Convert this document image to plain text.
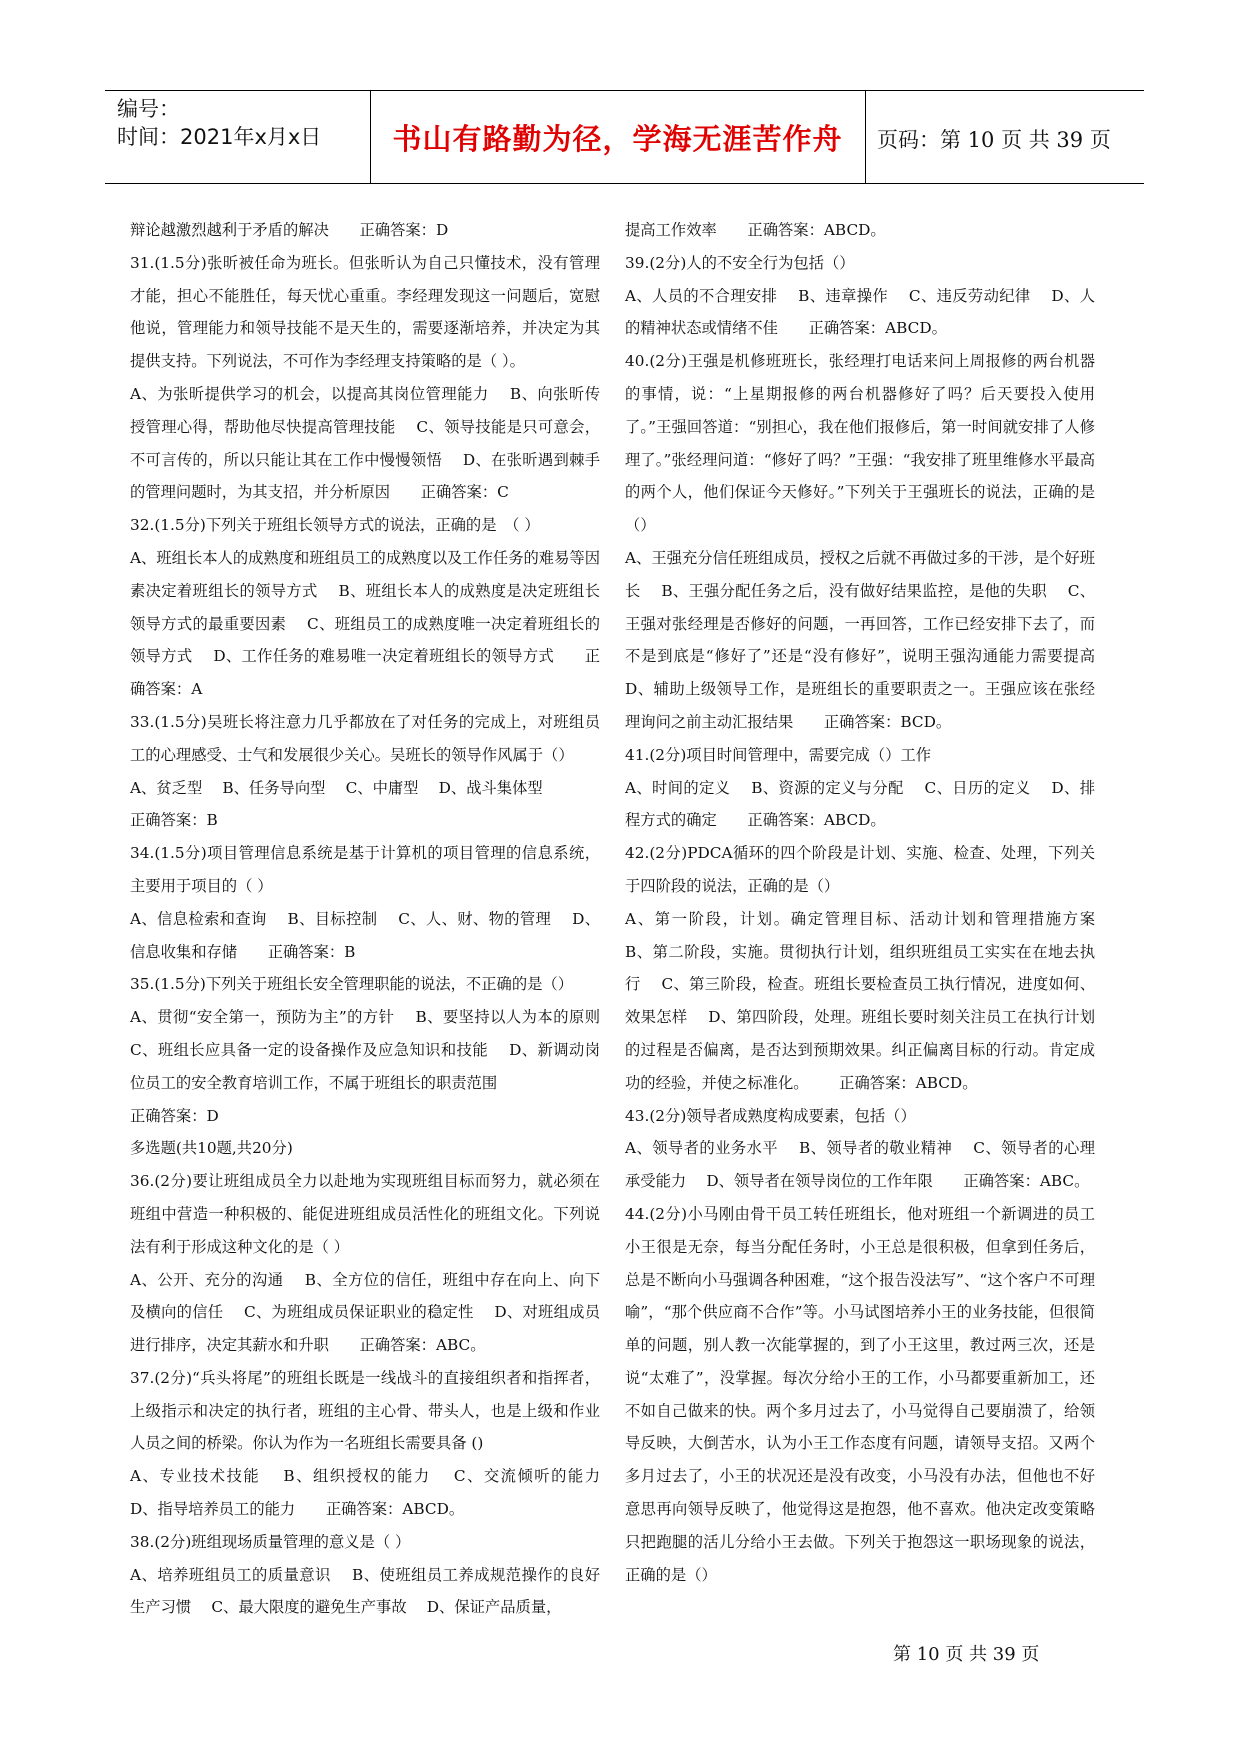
编号：
时间：2021年x月x日	书山有路勤为径，学海无涯苦作舟	页码：第 10 页 共 39 页

辩论越激烈越利于矛盾的解决 正确答案：D

31.(1.5分)张昕被任命为班长。但张昕认为自己只懂技术，没有管理才能，担心不能胜任，每天忧心重重。李经理发现这一问题后，宽慰他说，管理能力和领导技能不是天生的，需要逐渐培养，并决定为其提供支持。下列说法，不可作为李经理支持策略的是（ ）。

A、为张昕提供学习的机会，以提高其岗位管理能力　 B、向张昕传授管理心得，帮助他尽快提高管理技能　 C、领导技能是只可意会，不可言传的，所以只能让其在工作中慢慢领悟　 D、在张昕遇到棘手的管理问题时，为其支招，并分析原因 正确答案：C

32.(1.5分)下列关于班组长领导方式的说法，正确的是　（ ）

A、班组长本人的成熟度和班组员工的成熟度以及工作任务的难易等因素决定着班组长的领导方式　 B、班组长本人的成熟度是决定班组长领导方式的最重要因素　 C、班组员工的成熟度唯一决定着班组长的领导方式　 D、工作任务的难易唯一决定着班组长的领导方式 正确答案：A

33.(1.5分)吴班长将注意力几乎都放在了对任务的完成上，对班组员工的心理感受、士气和发展很少关心。吴班长的领导作风属于（）

A、贫乏型　 B、任务导向型　 C、中庸型　 D、战斗集体型

正确答案：B

34.(1.5分)项目管理信息系统是基于计算机的项目管理的信息系统，主要用于项目的（ ）

A、信息检索和查询　 B、目标控制　 C、人、财、物的管理　 D、信息收集和存储 正确答案：B

35.(1.5分)下列关于班组长安全管理职能的说法，不正确的是（）

A、贯彻“安全第一，预防为主”的方针　 B、要坚持以人为本的原则　 C、班组长应具备一定的设备操作及应急知识和技能　 D、新调动岗位员工的安全教育培训工作，不属于班组长的职责范围

正确答案：D

多选题(共10题,共20分)

36.(2分)要让班组成员全力以赴地为实现班组目标而努力，就必须在班组中营造一种积极的、能促进班组成员活性化的班组文化。下列说法有利于形成这种文化的是（ ）

A、公开、充分的沟通　 B、全方位的信任，班组中存在向上、向下及横向的信任　 C、为班组成员保证职业的稳定性　 D、对班组成员进行排序，决定其薪水和升职 正确答案：ABC。

37.(2分)“兵头将尾”的班组长既是一线战斗的直接组织者和指挥者，上级指示和决定的执行者，班组的主心骨、带头人，也是上级和作业人员之间的桥梁。你认为作为一名班组长需要具备 ()

A、专业技术技能　 B、组织授权的能力　 C、交流倾听的能力　 D、指导培养员工的能力 正确答案：ABCD。

38.(2分)班组现场质量管理的意义是（ ）

A、培养班组员工的质量意识　 B、使班组员工养成规范操作的良好生产习惯　 C、最大限度的避免生产事故　 D、保证产品质量，

提高工作效率 正确答案：ABCD。

39.(2分)人的不安全行为包括（）

A、人员的不合理安排　 B、违章操作　 C、违反劳动纪律　 D、人的精神状态或情绪不佳 正确答案：ABCD。

40.(2分)王强是机修班班长，张经理打电话来问上周报修的两台机器的事情，说：“上星期报修的两台机器修好了吗？后天要投入使用了。”王强回答道：“别担心，我在他们报修后，第一时间就安排了人修理了。”张经理问道：“修好了吗？”王强：“我安排了班里维修水平最高的两个人，他们保证今天修好。”下列关于王强班长的说法，正确的是（）

A、王强充分信任班组成员，授权之后就不再做过多的干涉，是个好班长　 B、王强分配任务之后，没有做好结果监控，是他的失职　 C、王强对张经理是否修好的问题，一再回答，工作已经安排下去了，而不是到底是“修好了”还是“没有修好”，说明王强沟通能力需要提高　 D、辅助上级领导工作，是班组长的重要职责之一。王强应该在张经理询问之前主动汇报结果 正确答案：BCD。

41.(2分)项目时间管理中，需要完成（）工作

A、时间的定义　 B、资源的定义与分配　 C、日历的定义　 D、排程方式的确定 正确答案：ABCD。

42.(2分)PDCA循环的四个阶段是计划、实施、检查、处理，下列关于四阶段的说法，正确的是（）

A、第一阶段，计划。确定管理目标、活动计划和管理措施方案　 B、第二阶段，实施。贯彻执行计划，组织班组员工实实在在地去执行　 C、第三阶段，检查。班组长要检查员工执行情况，进度如何、效果怎样　 D、第四阶段，处理。班组长要时刻关注员工在执行计划的过程是否偏离，是否达到预期效果。纠正偏离目标的行动。肯定成功的经验，并使之标准化。 正确答案：ABCD。

43.(2分)领导者成熟度构成要素，包括（）

A、领导者的业务水平　 B、领导者的敬业精神　 C、领导者的心理承受能力　 D、领导者在领导岗位的工作年限 正确答案：ABC。

44.(2分)小马刚由骨干员工转任班组长，他对班组一个新调进的员工小王很是无奈，每当分配任务时，小王总是很积极，但拿到任务后，总是不断向小马强调各种困难，“这个报告没法写”、“这个客户不可理喻”，“那个供应商不合作”等。小马试图培养小王的业务技能，但很简单的问题，别人教一次能掌握的，到了小王这里，教过两三次，还是说“太难了”，没掌握。每次分给小王的工作，小马都要重新加工，还不如自己做来的快。两个多月过去了，小马觉得自己要崩溃了，给领导反映，大倒苦水，认为小王工作态度有问题，请领导支招。又两个多月过去了，小王的状况还是没有改变，小马没有办法，但他也不好意思再向领导反映了，他觉得这是抱怨，他不喜欢。他决定改变策略只把跑腿的活儿分给小王去做。下列关于抱怨这一职场现象的说法，正确的是（）

第 10 页 共 39 页
